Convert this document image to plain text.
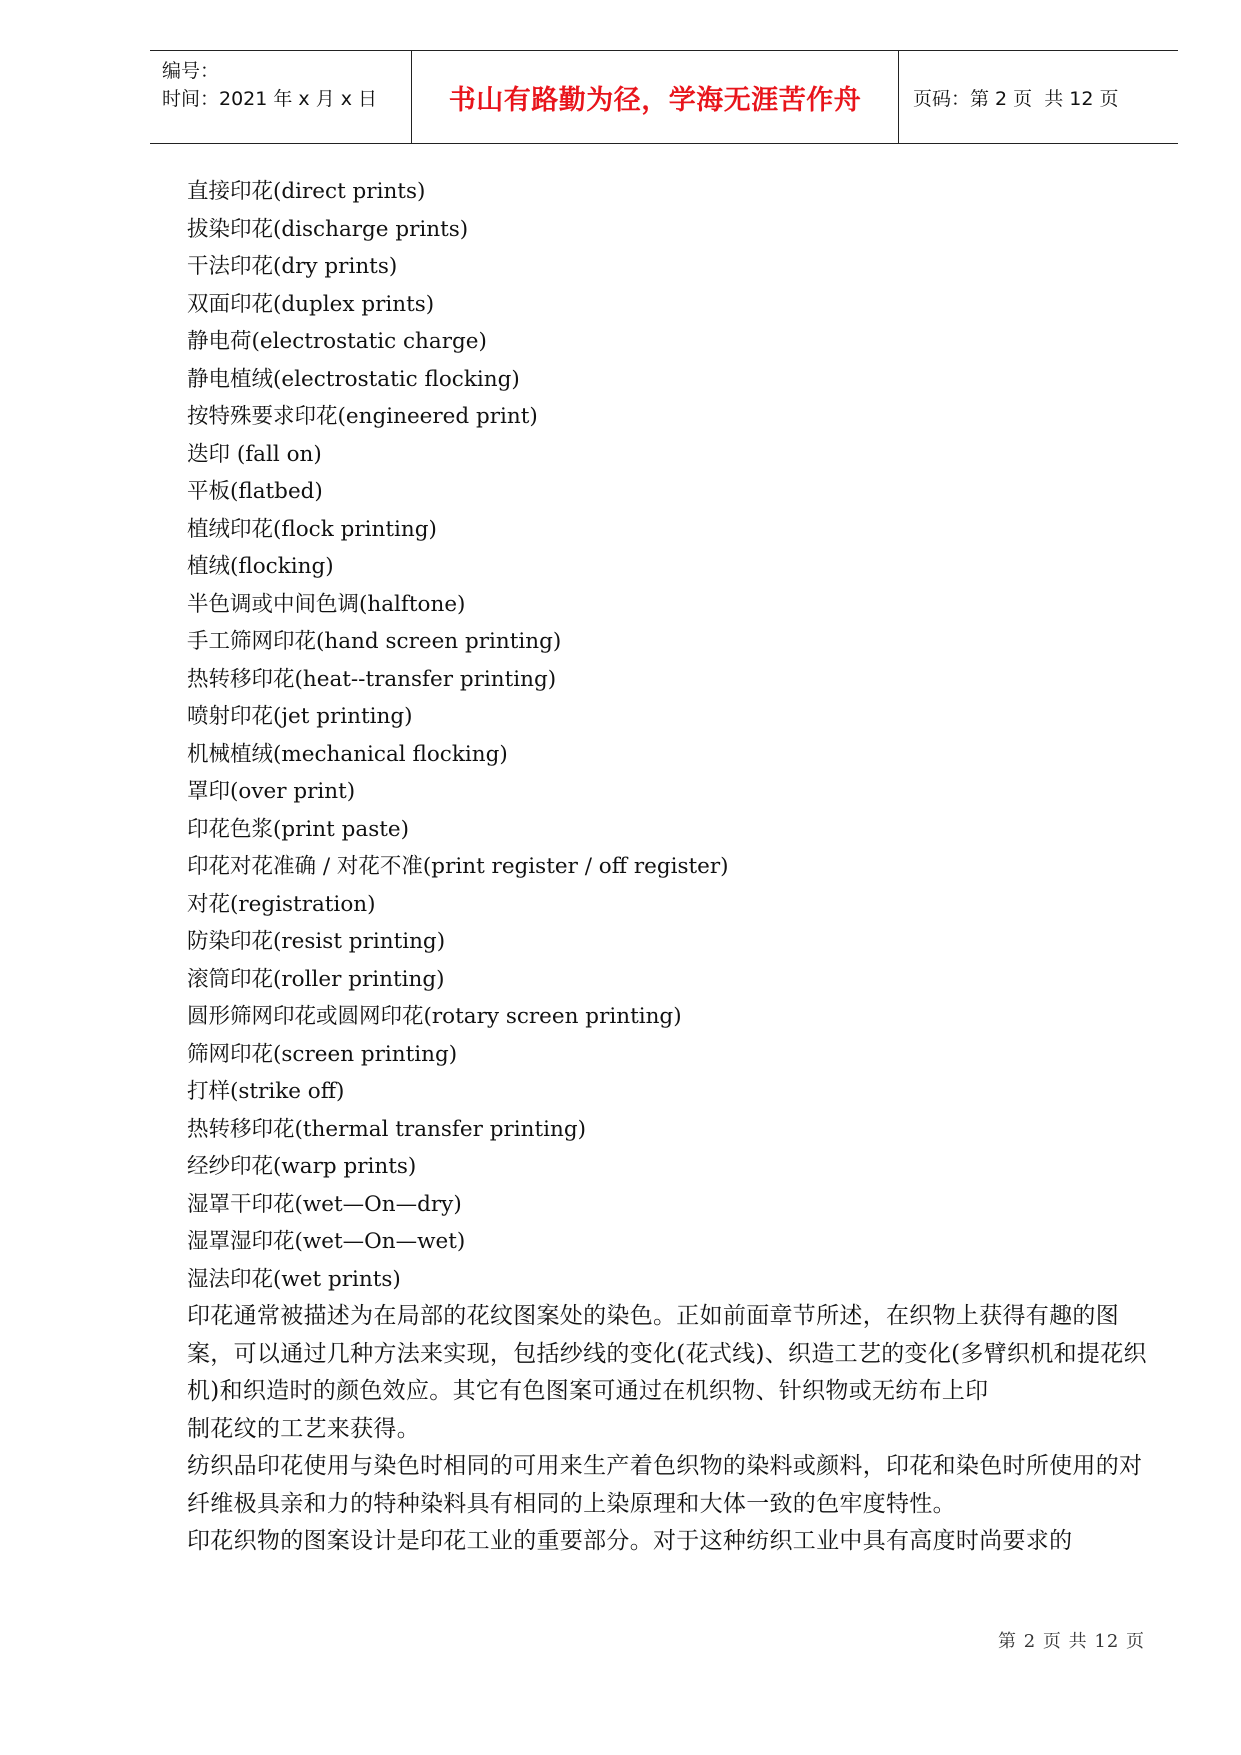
编号：
时间：2021 年 x 月 x 日	书山有路勤为径，学海无涯苦作舟	页码：第 2 页  共 12 页
直接印花(direct prints)
拔染印花(discharge prints)
干法印花(dry prints)
双面印花(duplex prints)
静电荷(electrostatic charge)
静电植绒(electrostatic flocking)
按特殊要求印花(engineered print)
迭印 (fall on)
平板(flatbed)
植绒印花(flock printing)
植绒(flocking)
半色调或中间色调(halftone)
手工筛网印花(hand screen printing)
热转移印花(heat--transfer printing)
喷射印花(jet printing)
机械植绒(mechanical flocking)
罩印(over print)
印花色浆(print paste)
印花对花准确 / 对花不准(print register / off register)
对花(registration)
防染印花(resist printing)
滚筒印花(roller printing)
圆形筛网印花或圆网印花(rotary screen printing)
筛网印花(screen printing)
打样(strike off)
热转移印花(thermal transfer printing)
经纱印花(warp prints)
湿罩干印花(wet—On—dry)
湿罩湿印花(wet—On—wet)
湿法印花(wet prints)

印花通常被描述为在局部的花纹图案处的染色。正如前面章节所述，在织物上获得有趣的图案，可以通过几种方法来实现，包括纱线的变化(花式线)、织造工艺的变化(多臂织机和提花织机)和织造时的颜色效应。其它有色图案可通过在机织物、针织物或无纺布上印

制花纹的工艺来获得。

纺织品印花使用与染色时相同的可用来生产着色织物的染料或颜料，印花和染色时所使用的对纤维极具亲和力的特种染料具有相同的上染原理和大体一致的色牢度特性。

印花织物的图案设计是印花工业的重要部分。对于这种纺织工业中具有高度时尚要求的

第 2 页 共 12 页
